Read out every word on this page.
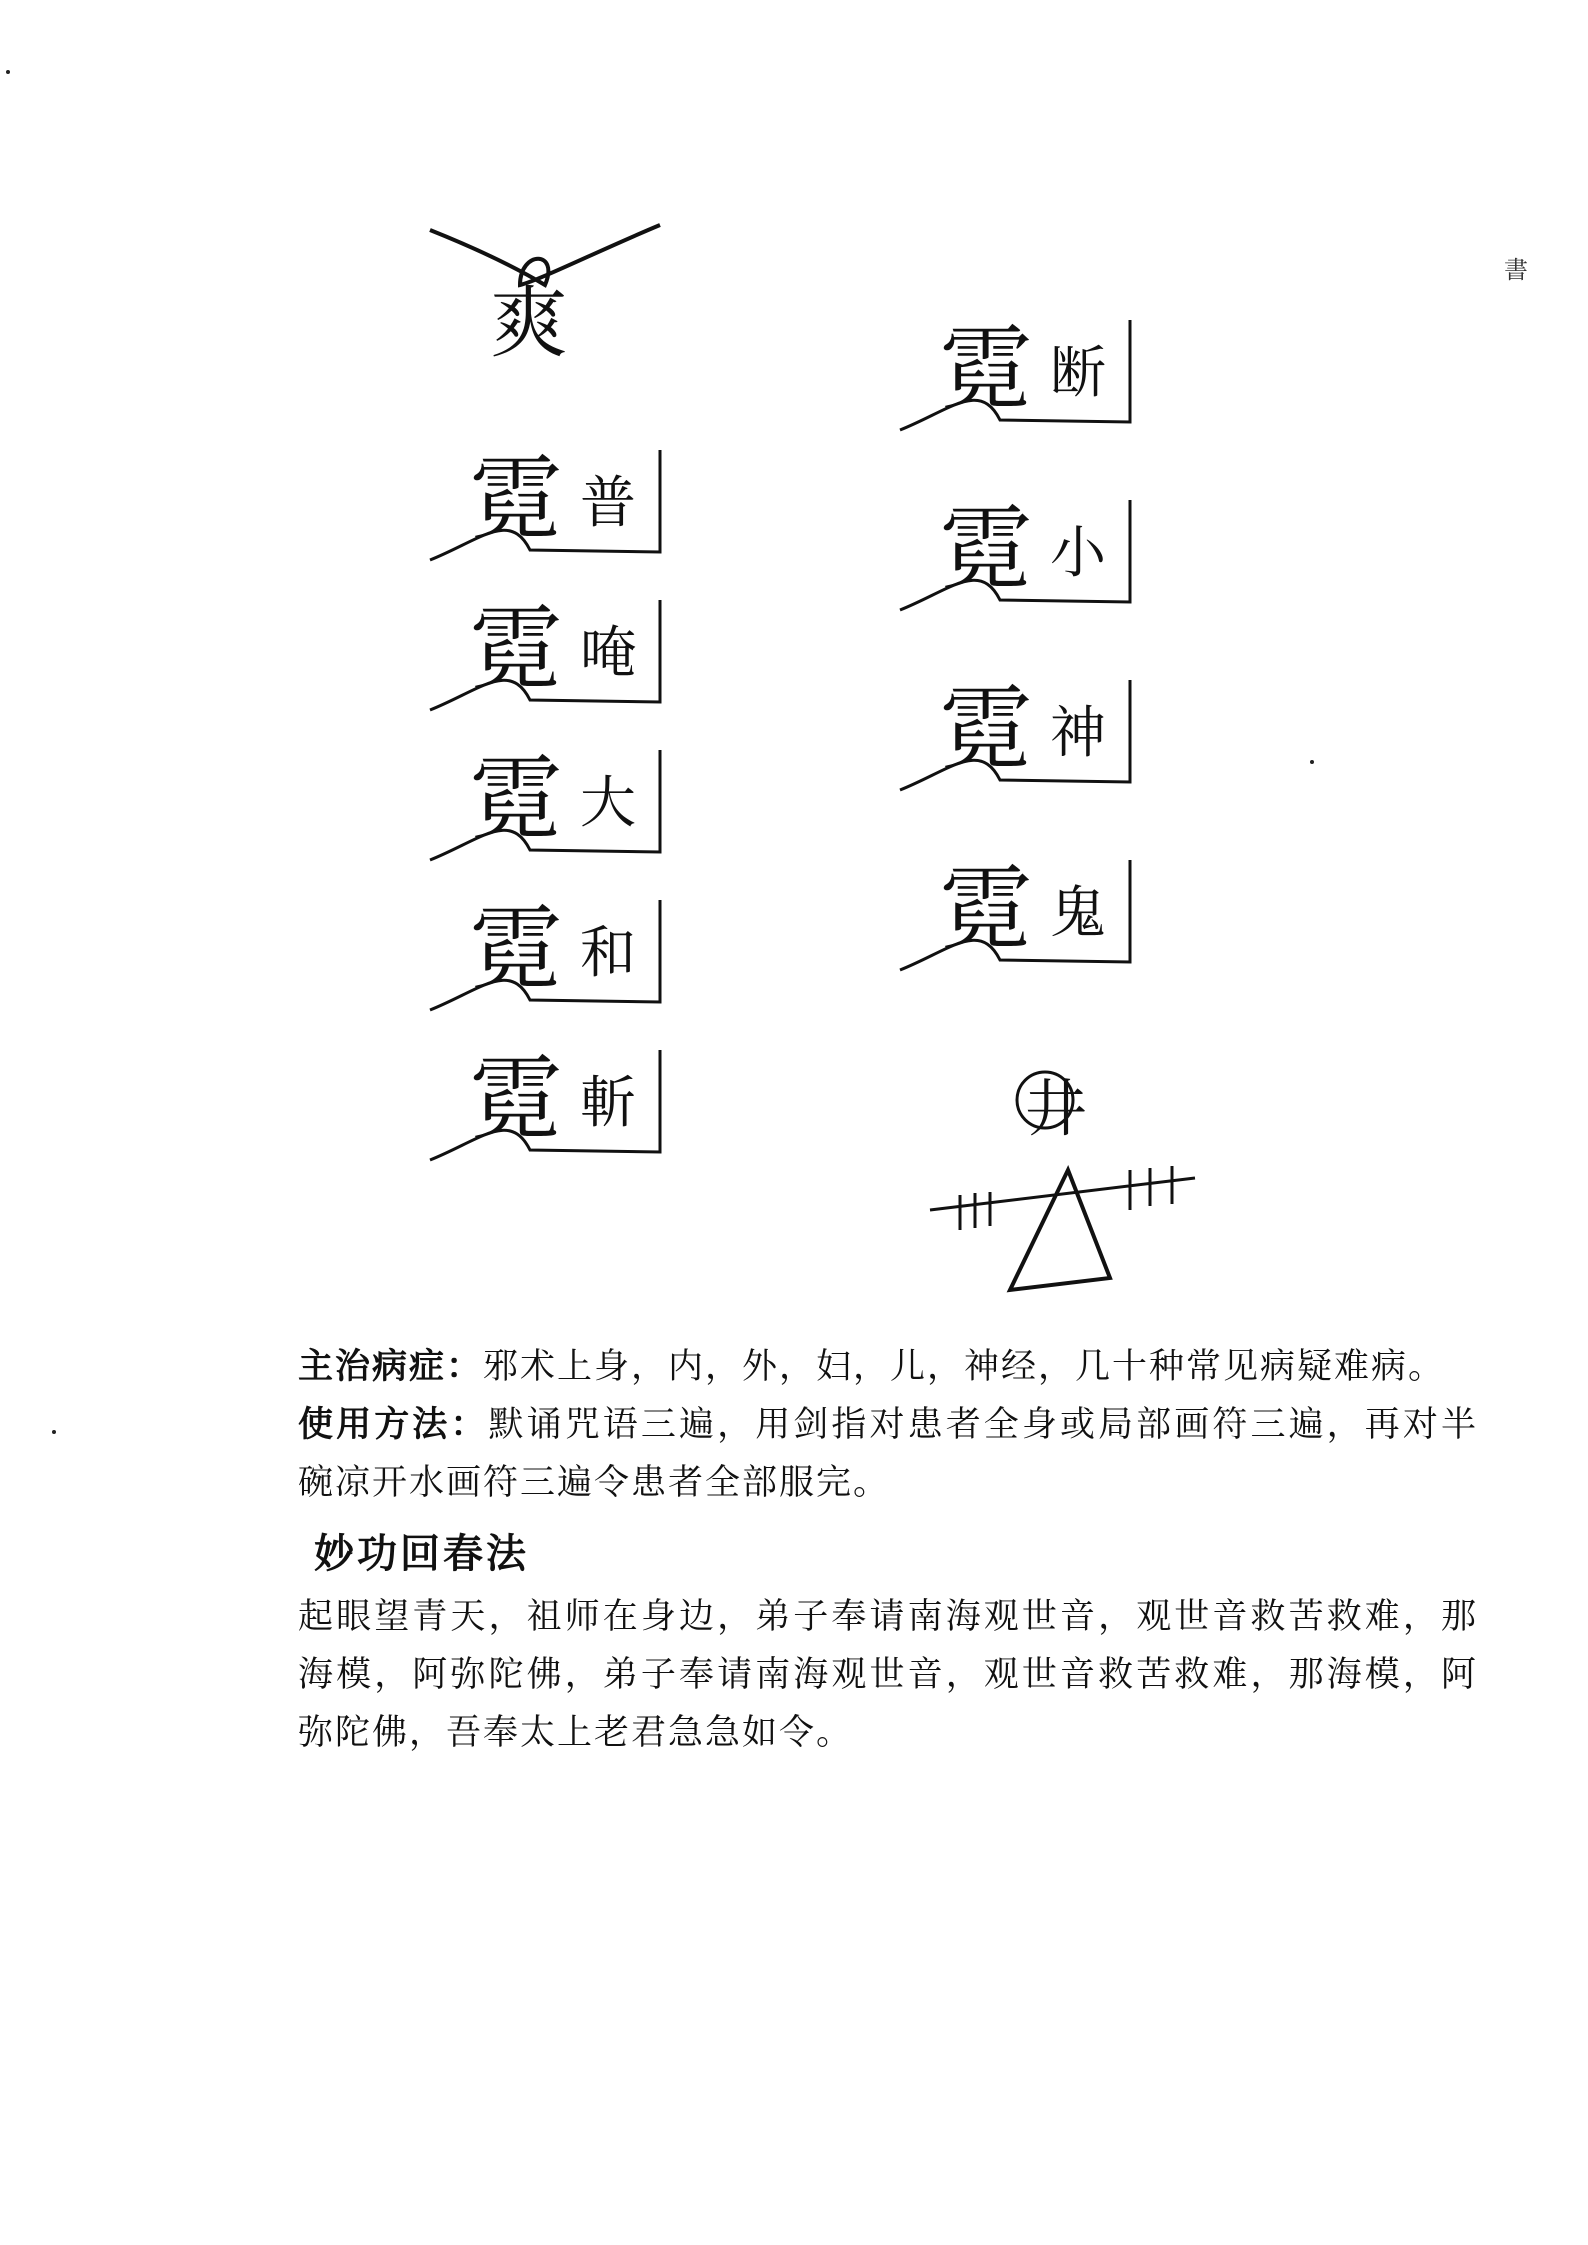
爽
霓 普
霓 唵
霓 大
霓 和
霓 斬
霓 断
霓 小
霓 神
霓 鬼
井
書

主治病症：邪术上身，内，外，妇，儿，神经，几十种常见病疑难病。

使用方法：默诵咒语三遍，用剑指对患者全身或局部画符三遍，再对半碗凉开水画符三遍令患者全部服完。

妙功回春法

起眼望青天，祖师在身边，弟子奉请南海观世音，观世音救苦救难，那海模，阿弥陀佛，弟子奉请南海观世音，观世音救苦救难，那海模，阿弥陀佛，吾奉太上老君急急如令。
